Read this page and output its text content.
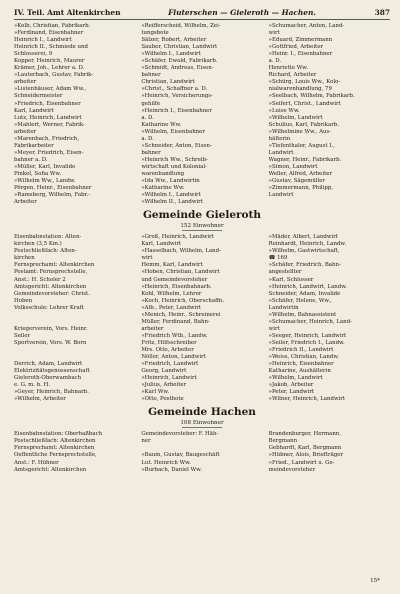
IV. Teil. Amt Altenkirchen	Fluterschen — Gieleroth — Hachen.	387
»Kolb, Christian, Fabrikarb.
»Ferdinand, Eisenbahner
Heinrich I., Landwirt
Heinrich II., Schmiede und
Schlosserei, 9
Kopper, Heinrich, Maurer
Krämer, Joh., Lehrer a. D.
»Lauterbach, Gustav, Fabrik-
arbeiter
»Listenhäuser, Adam Ww.,
Schneidermeister
»Friedrich, Eisenbahner
Karl, Landwirt
Lutz, Heinrich, Landwirt
»Mahlert, Werner, Fabrik-
arbeiter
»Marenbach, Friedrich,
Fabrikarbeiter
»Meyer, Friedrich, Eisen-
bahner a. D.
»Müller, Karl, Invalide
Pinkel, Sofia Ww.
»Wilhelm Ww., Landw.
Pörgen, Heinr., Eisenbahner
»Ramsberg, Wilhelm, Fabr.-
Arbeiter
»Reifferscheid, Wilhelm, Zei-
tungsbote
Sälzer, Robert, Arbeiter
Sauber, Christian, Landwirt
»Wilhelm I., Landwirt
»Schäfer, Ewald, Fabrikarb.
»Schmidt, Andreas, Eisen-
bahner
Christian, Landwirt
»Christ., Schaffner a. D.
»Heinrich, Versicherungs-
gehilfe
»Heinrich I., Eisenbahner
a. D.
Katharine Ww.
»Wilhelm, Eisenbahner
a. D.
»Schneider, Anton, Eisen-
bahner
»Heinrich Ww., Schreib-
wirtschaft und Kolonial-
warenhandlung
»Ida Ww., Landwirtin
»Katharine Ww.
»Wilhelm I., Landwirt
»Wilhelm II., Landwirt
»Schumacher, Anton, Land-
wirt
»Eduard, Zimmermann
»Gottfried, Arbeiter
»Heinr. I., Eisenbahner
a. D.
Henriette Ww.
Richard, Arbeiter
»Schürg, Louis Ww., Kolo-
nialwarenhandlung, 79
»Seelbach, Wilhelm, Fabrikarb.
»Seifert, Christ., Landwirt
»Luise Ww.
»Wilhelm, Landwirt
Schulius, Karl, Fabrikarb.
»Wilhelmine Ww., Aus-
hälterin
»Tiefenthaler, August I.,
Landwirt
Wagner, Heinr., Fabrikarb.
»Simon, Landwirt
Weller, Alfred, Arbeiter
»Gustav, Sägemüller
»Zimmermann, Philipp,
Landwirt
Gemeinde Gieleroth
152 Einwohner
Eisenbahnstation: Alten-
kirchen (3,5 Km.)
Postschließfach: Alten-
kirchen
Fernsprechamt: Altenkirchen
Postamt: Fernsprechstelle,
Anst.: H. Scholer 2
Amtsgericht: Altenkirchen
Gemeindevorsteher: Christ.
Hoben
Volksschule: Lehrer Kraft
Kriegerverein, Vors. Heinr.
Seiler
Sportverein, Vors. W. Born
Derrich, Adam, Landwirt
Elektrizitätsgenossenschaft
Gieleroth-Oberwambach
e. G. m. b. H.
»Geyer, Heinrich, Bahnarb.
»Wilhelm, Arbeiter
»Groß, Heinrich, Landwirt
Karl, Landwirt
»Hasselbach, Wilhelm, Land-
wirt
Hemm, Karl, Landwirt
»Hoben, Christian, Landwirt
und Gemeindevorsteher
»Heinrich, Eisenbahnarb.
Kohl, Wilhelm, Lehrer
»Koch, Heinrich, Oberschaffn.
»Alb., Peter, Landwirt
»Menich, Heinr., Schreinerei
Müller, Ferdinand, Bahn-
arbeiter
»Friedrich Wtb., Landw.
Fritz, Hilfsschreiber
Mrs. Otto, Arbeiter
Nöller, Anton, Landwirt
»Friedrich, Landwirt
Georg, Landwirt
»Heinrich, Landwirt
»Julius, Arbeiter
»Karl Ww.
»Otto, Posthote
»Mäder, Albert, Landwirt
Reinhardt, Heinrich, Landw.
»Wilhelm, Gastwirtschaft,
☎ 169
»Schäfer, Friedrich, Bahn-
angestellter
»Karl, Schlosser
»Heinrich, Landwirt, Landw.
Schneider, Adam, Invalide
»Schäfer, Helene, Ww.,
Landwirtin
»Wilhelm, Bahnassistent
»Schumacher, Heinrich, Land-
wirt
»Seeger, Heinrich, Landwirt
»Seiler, Friedrich I., Landw.
»Friedrich II., Landwirt
»Weiss, Christian, Landw.
»Heinrich, Eisenbahner
Katharine, Aushälterin
»Wilhelm, Landwirt
»Jakob, Arbeiter
»Peter, Landwirt
»Wilner, Heinrich, Landwirt
Gemeinde Hachen
108 Einwohner
Eisenbahnstation: Oberhaßbach
Postschließfach: Altenkirchen
Fernsprechamt: Altenkirchen
Oeffentliche Fernsprechstelle,
Anst.: F. Hühner
Amtsgericht: Altenkirchen
Gemeindevorsteher: F. Häh-
ner
»Baum, Gustav, Baugeschäft
Lut. Heinrich Ww.
»Burbach, Daniel Ww.
Brandenburger, Hermann,
Bergmann
Gebhardt, Karl, Bergmann
»Hübner, Alois, Briefträger
»Fried., Landwirt u. Ge-
meindevorsteher
15*
